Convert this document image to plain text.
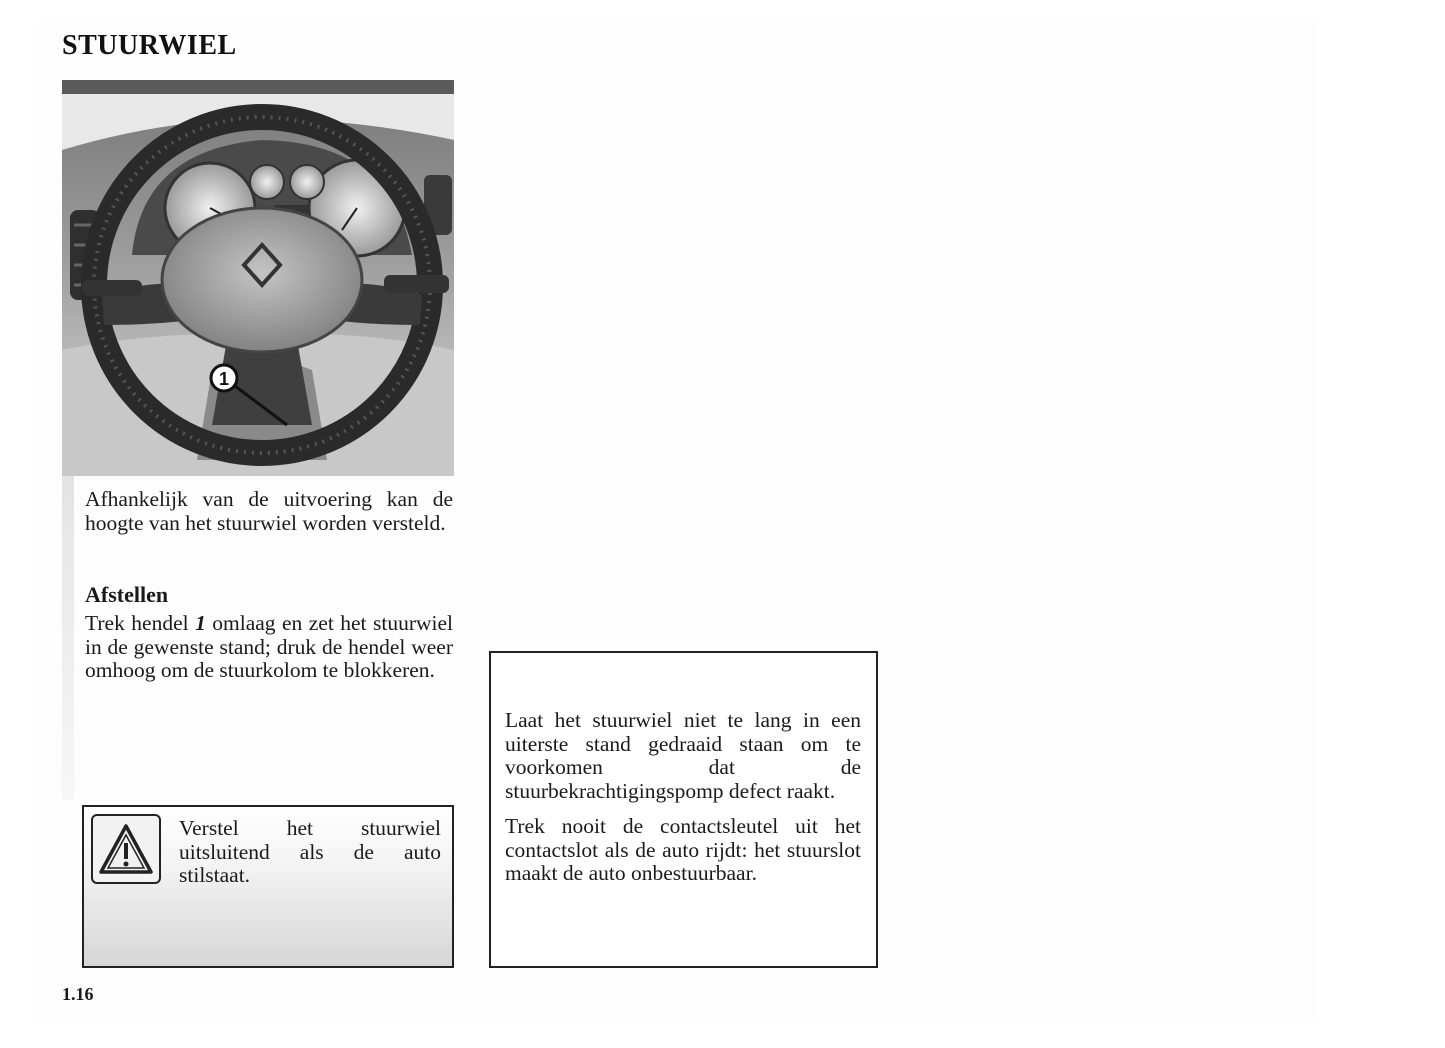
STUURWIEL
1

Afhankelijk van de uitvoering kan de hoogte van het stuurwiel worden versteld.

Afstellen

Trek hendel 1 omlaag en zet het stuurwiel in de gewenste stand; druk de hendel weer omhoog om de stuurkolom te blokkeren.

Verstel het stuurwiel uitsluitend als de auto stilstaat.

Laat het stuurwiel niet te lang in een uiterste stand gedraaid staan om te voorkomen dat de stuurbekrachtigingspomp defect raakt.

Trek nooit de contactsleutel uit het contactslot als de auto rijdt: het stuurslot maakt de auto onbestuurbaar.

1.16
